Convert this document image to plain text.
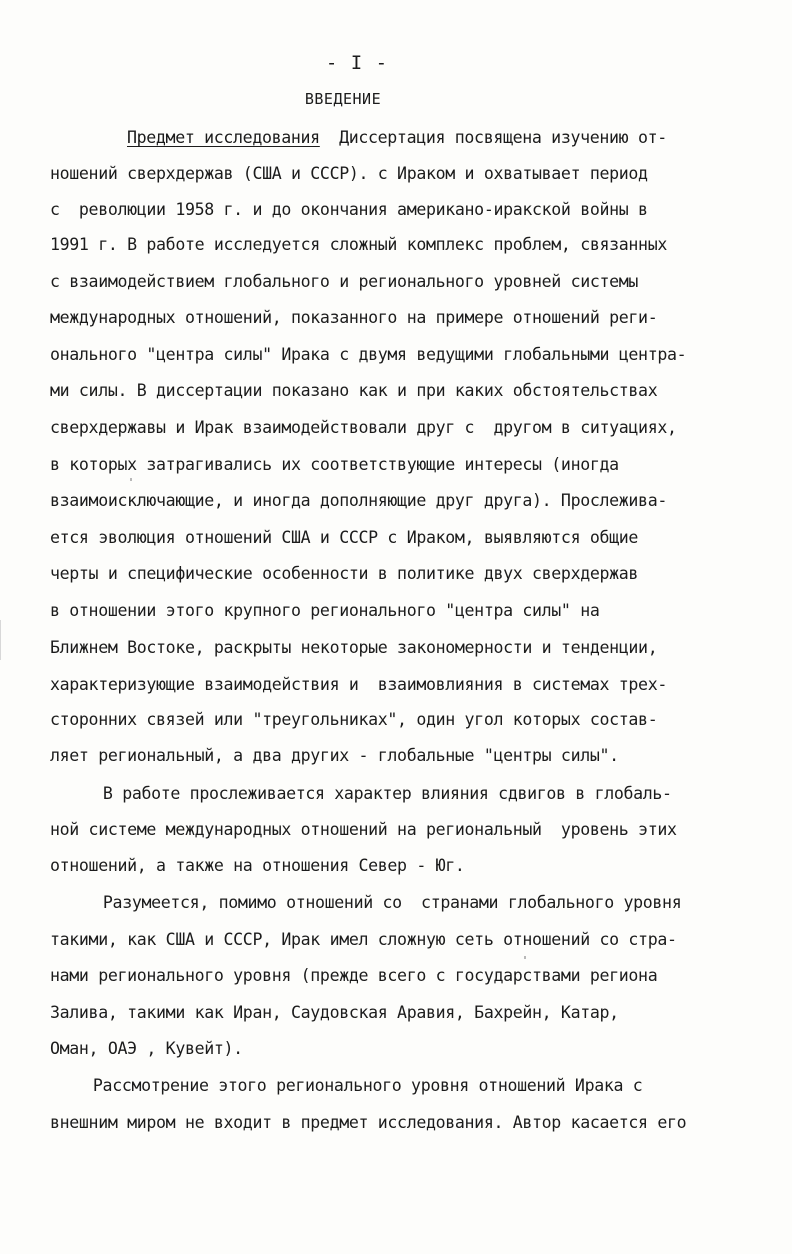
- I -
ВВЕДЕНИЕ
Предмет исследования  Диссертация посвящена изучению от-
ношений сверхдержав (США и СССР). с Ираком и охватывает период
с  революции 1958 г. и до окончания американо-иракской войны в
1991 г. В работе исследуется сложный комплекс проблем, связанных
с взаимодействием глобального и регионального уровней системы
международных отношений, показанного на примере отношений реги-
онального "центра силы" Ирака с двумя ведущими глобальными центра-
ми силы. В диссертации показано как и при каких обстоятельствах
сверхдержавы и Ирак взаимодействовали друг с  другом в ситуациях,
в которых затрагивались их соответствующие интересы (иногда
взаимоисключающие, и иногда дополняющие друг друга). Прослежива-
ется эволюция отношений США и СССР с Ираком, выявляются общие
черты и специфические особенности в политике двух сверхдержав
в отношении этого крупного регионального "центра силы" на
Ближнем Востоке, раскрыты некоторые закономерности и тенденции,
характеризующие взаимодействия и  взаимовлияния в системах трех-
сторонних связей или "треугольниках", один угол которых состав-
ляет региональный, а два других - глобальные "центры силы".
В работе прослеживается характер влияния сдвигов в глобаль-
ной системе международных отношений на региональный  уровень этих
отношений, а также на отношения Север - Юг.
Разумеется, помимо отношений со  странами глобального уровня
такими, как США и СССР, Ирак имел сложную сеть отношений со стра-
нами регионального уровня (прежде всего с государствами региона
Залива, такими как Иран, Саудовская Аравия, Бахрейн, Катар,
Оман, ОАЭ , Кувейт).
Рассмотрение этого регионального уровня отношений Ирака с
внешним миром не входит в предмет исследования. Автор касается его
